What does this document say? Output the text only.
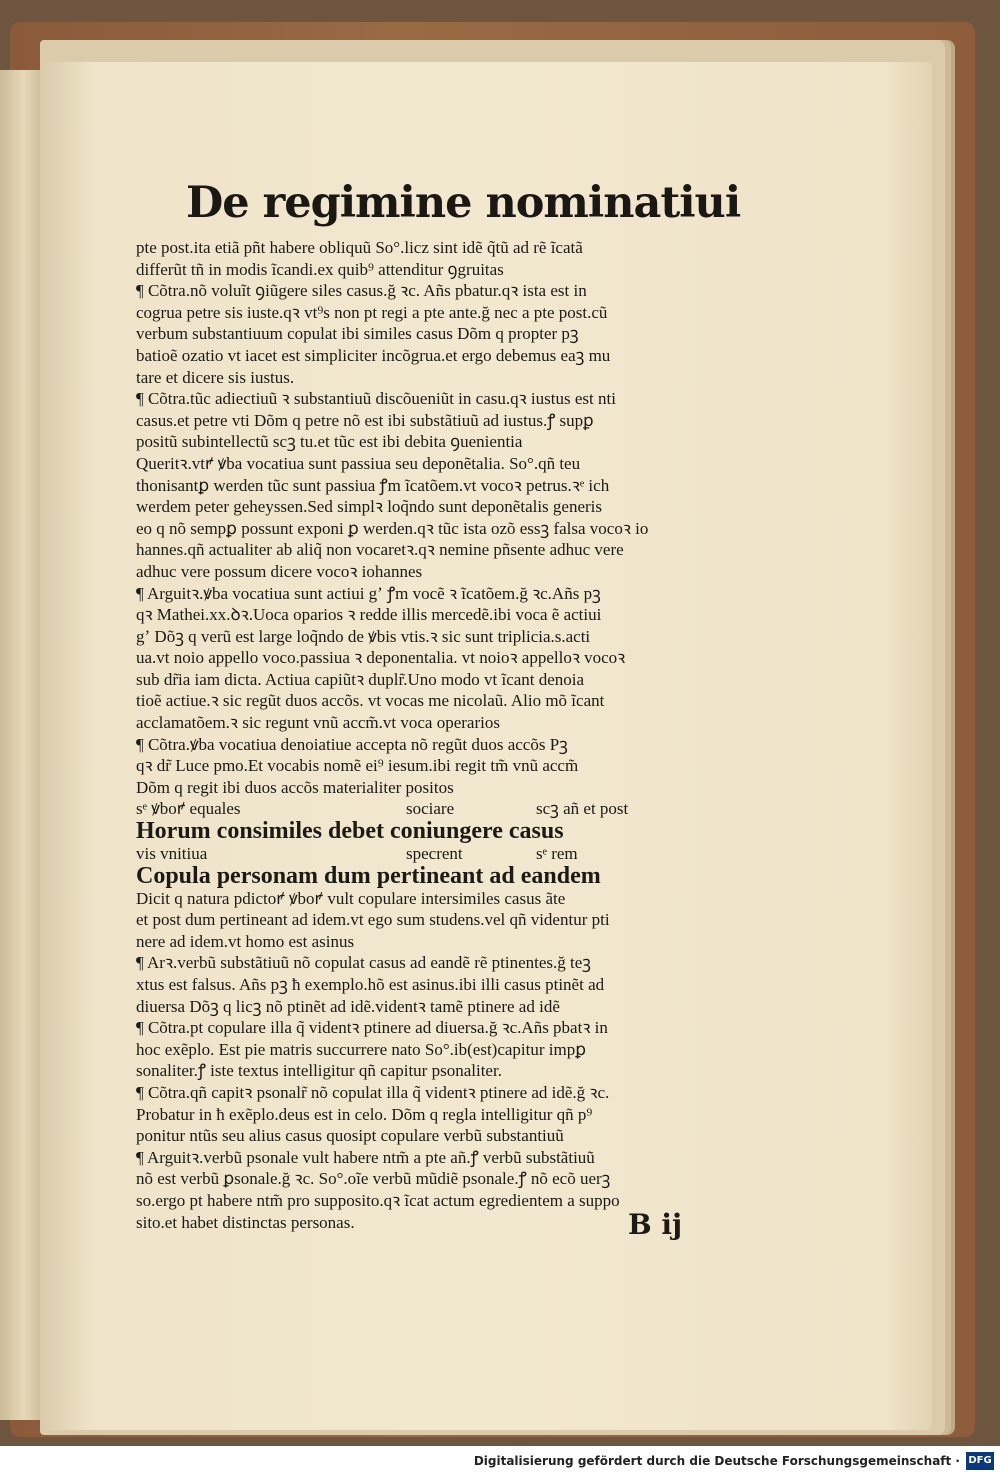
De regimine nominatiui
pte post.ita etiã pñt habere obliquũ So°.licz sint idẽ q̃tũ ad rẽ ĩcatã
differũt tñ in modis ĩcandi.ex quib⁹ attenditur ꝯgruitas
¶ Cõtra.nõ voluĩt ꝯiũgere siles casus.ğ ꝛc. Añs pbatur.qꝛ ista est in
cogrua petre sis iuste.qꝛ vt⁹s non pt regi a pte ante.ğ nec a pte post.cũ
verbum substantiuum copulat ibi similes casus Dõm q propter pꝫ
batioẽ ozatio vt iacet est simpliciter incõgrua.et ergo debemus eaꝫ mu
tare et dicere sis iustus.
¶ Cõtra.tũc adiectiuũ ꝛ substantiuũ discõueniũt in casu.qꝛ iustus est nti
casus.et petre vti Dõm q petre nõ est ibi substãtiuũ ad iustus.ꝭ supꝑ
positũ subintellectũ scꝫ tu.et tũc est ibi debita ꝯuenientia
Queritꝛ.vtꝵ ꝟba vocatiua sunt passiua seu deponẽtalia. So°.qñ teu
thonisantꝑ werden tũc sunt passiua ꝭm ĩcatõem.vt vocoꝛ petrus.ꝛᵉ ich
werdem peter geheyssen.Sed simplꝛ loq̃ndo sunt deponẽtalis generis
eo q nõ sempꝑ possunt exponi ꝑ werden.qꝛ tũc ista ozõ essꝫ falsa vocoꝛ io
hannes.qñ actualiter ab aliq̃ non vocaretꝛ.qꝛ nemine pñsente adhuc vere
adhuc vere possum dicere vocoꝛ iohannes
¶ Arguitꝛ.ꝟba vocatiua sunt actiui gʼ ꝭm vocẽ ꝛ ĩcatõem.ğ ꝛc.Añs pꝫ
qꝛ Mathei.xx.ꝺꝛ.Uoca oparios ꝛ redde illis mercedẽ.ibi voca ẽ actiui
gʼ Dõꝫ q verũ est large loq̃ndo de ꝟbis vtis.ꝛ sic sunt triplicia.s.acti
ua.vt noio appello voco.passiua ꝛ deponentalia. vt noioꝛ appelloꝛ vocoꝛ
sub dr̃ia iam dicta. Actiua capiũtꝛ duplr̃.Uno modo vt ĩcant denoia
tioẽ actiue.ꝛ sic regũt duos accõs. vt vocas me nicolaũ. Alio mõ ĩcant
acclamatõem.ꝛ sic regunt vnũ accm̃.vt voca operarios
¶ Cõtra.ꝟba vocatiua denoiatiue accepta nõ regũt duos accõs Pꝫ
qꝛ dr̃ Luce pmo.Et vocabis nomẽ ei⁹ iesum.ibi regit tm̃ vnũ accm̃
Dõm q regit ibi duos accõs materialiter positos
sᵉ ꝟboꝵ equales	sociare	scꝫ añ et post
Horum consimiles debet coniungere casus
vis vnitiua	specrent	sᵉ rem
Copula personam dum pertineant ad eandem
Dicit q natura pdictoꝵ ꝟboꝵ vult copulare intersimiles casus ãte
et post dum pertineant ad idem.vt ego sum studens.vel qñ videntur pti
nere ad idem.vt homo est asinus
¶ Arꝛ.verbũ substãtiuũ nõ copulat casus ad eandẽ rẽ ptinentes.ğ teꝫ
xtus est falsus. Añs pꝫ ħ exemplo.hõ est asinus.ibi illi casus ptinẽt ad
diuersa Dõꝫ q licꝫ nõ ptinẽt ad idẽ.videntꝛ tamẽ ptinere ad idẽ
¶ Cõtra.pt copulare illa q̃ videntꝛ ptinere ad diuersa.ğ ꝛc.Añs pbatꝛ in
hoc exẽplo. Est pie matris succurrere nato So°.ib(est)capitur impꝑ
sonaliter.ꝭ iste textus intelligitur qñ capitur psonaliter.
¶ Cõtra.qñ capitꝛ psonalr̃ nõ copulat illa q̃ videntꝛ ptinere ad idẽ.ğ ꝛc.
Probatur in ħ exẽplo.deus est in celo. Dõm q regla intelligitur qñ p⁹
ponitur ntũs seu alius casus quosipt copulare verbũ substantiuũ
¶ Arguitꝛ.verbũ psonale vult habere ntm̃ a pte añ.ꝭ verbũ substãtiuũ
nõ est verbũ ꝑsonale.ğ ꝛc. So°.oĩe verbũ mũdiẽ psonale.ꝭ nõ ecõ uerꝫ
so.ergo pt habere ntm̃ pro supposito.qꝛ ĩcat actum egredientem a suppo
sito.et habet distinctas personas.	B ij
Digitalisierung gefördert durch die Deutsche Forschungsgemeinschaft · DFG
